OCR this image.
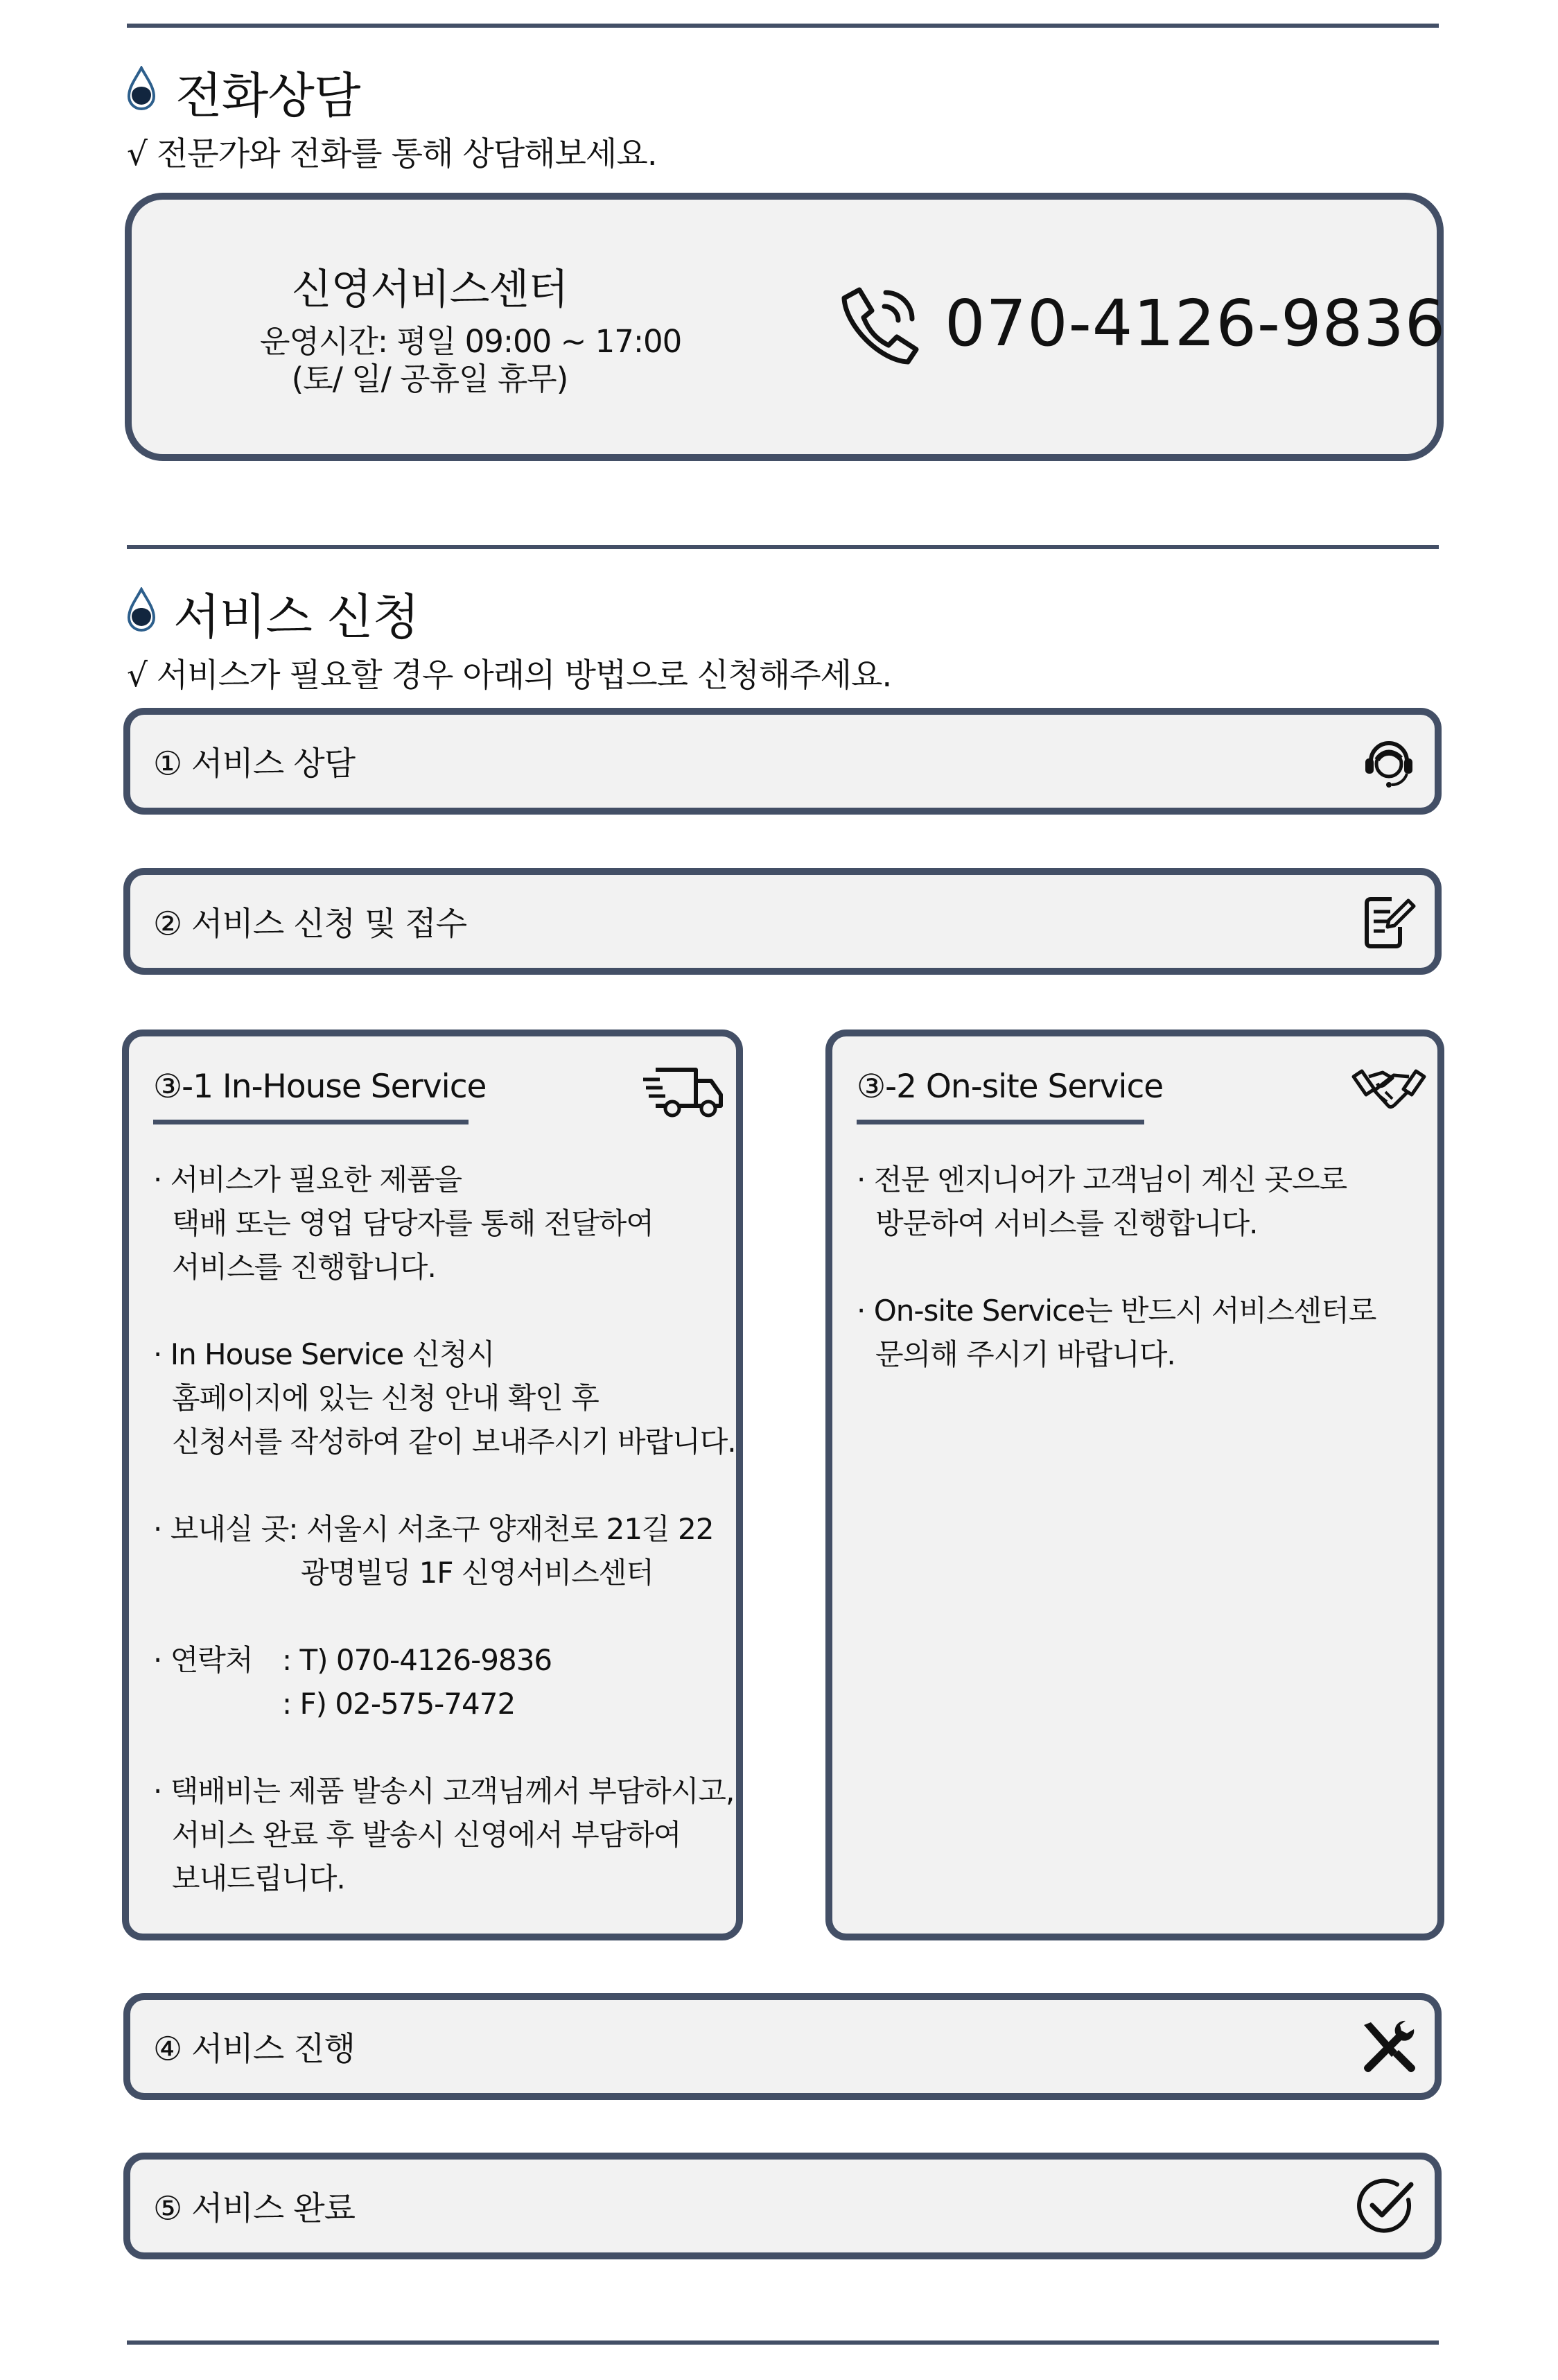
전화상담
√ 전문가와 전화를 통해 상담해보세요.
신영서비스센터
운영시간: 평일 09:00 ~ 17:00
(토/ 일/ 공휴일 휴무)
070-4126-9836
서비스 신청
√ 서비스가 필요할 경우 아래의 방법으로 신청해주세요.
① 서비스 상담
② 서비스 신청 및 접수
③-1 In-House Service

· 서비스가 필요한 제품을
택배 또는 영업 담당자를 통해 전달하여
서비스를 진행합니다.

· In House Service 신청시
홈페이지에 있는 신청 안내 확인 후
신청서를 작성하여 같이 보내주시기 바랍니다.

· 보내실 곳: 서울시 서초구 양재천로 21길 22
광명빌딩 1F 신영서비스센터

· 연락처 : T) 070-4126-9836
: F) 02-575-7472

· 택배비는 제품 발송시 고객님께서 부담하시고,
서비스 완료 후 발송시 신영에서 부담하여
보내드립니다.

③-2 On-site Service

· 전문 엔지니어가 고객님이 계신 곳으로
방문하여 서비스를 진행합니다.

· On-site Service는 반드시 서비스센터로
문의해 주시기 바랍니다.

④ 서비스 진행
⑤ 서비스 완료
